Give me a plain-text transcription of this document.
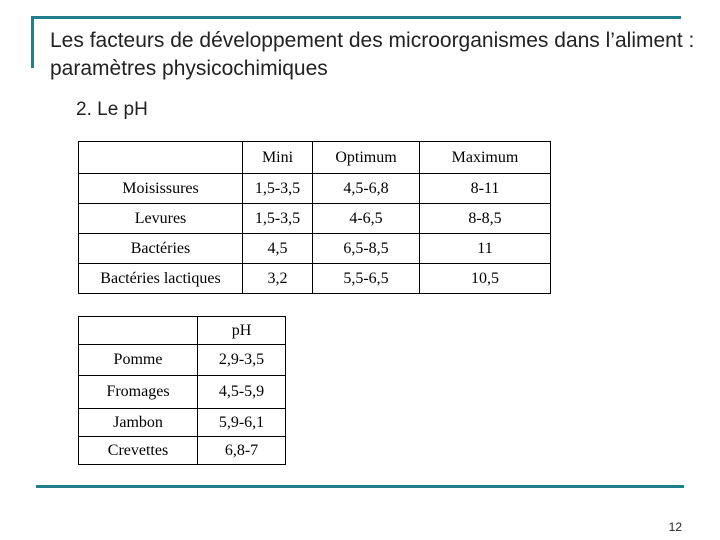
Les facteurs de développement des microorganismes dans l’aliment : paramètres physicochimiques
2. Le pH
	Mini	Optimum	Maximum
Moisissures	1,5-3,5	4,5-6,8	8-11
Levures	1,5-3,5	4-6,5	8-8,5
Bactéries	4,5	6,5-8,5	11
Bactéries lactiques	3,2	5,5-6,5	10,5
	pH
Pomme	2,9-3,5
Fromages	4,5-5,9
Jambon	5,9-6,1
Crevettes	6,8-7
12
